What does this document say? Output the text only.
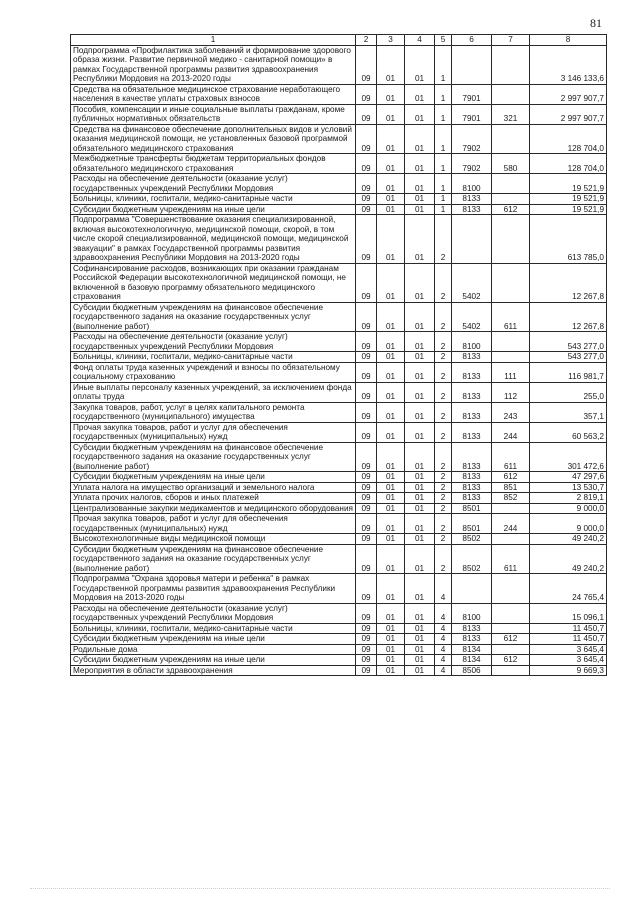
81
1	2	3	4	5	6	7	8
Подпрограмма «Профилактика заболеваний и формирование здорового образа жизни. Развитие первичной медико - санитарной помощи» в рамках Государственной программы развития здравоохранения Республики Мордовия на 2013-2020 годы	09	01	01	1			3 146 133,6
Средства на обязательное медицинское страхование неработающего населения в качестве уплаты страховых взносов	09	01	01	1	7901		2 997 907,7
Пособия, компенсации и иные социальные выплаты гражданам, кроме публичных нормативных обязательств	09	01	01	1	7901	321	2 997 907,7
Средства на финансовое обеспечение дополнительных видов и условий оказания медицинской помощи, не установленных базовой программой обязательного медицинского страхования	09	01	01	1	7902		128 704,0
Межбюджетные трансферты бюджетам территориальных фондов обязательного медицинского страхования	09	01	01	1	7902	580	128 704,0
Расходы на обеспечение деятельности (оказание услуг) государственных учреждений Республики Мордовия	09	01	01	1	8100		19 521,9
Больницы, клиники, госпитали, медико-санитарные части	09	01	01	1	8133		19 521,9
Субсидии бюджетным учреждениям на иные цели	09	01	01	1	8133	612	19 521,9
Подпрограмма "Совершенствование оказания специализированной, включая высокотехнологичную, медицинской помощи, скорой, в том числе скорой специализированной, медицинской помощи, медицинской эвакуации" в рамках Государственной программы развития здравоохранения Республики Мордовия на 2013-2020 годы	09	01	01	2			613 785,0
Софинансирование расходов, возникающих при оказании гражданам Российской Федерации высокотехнологичной медицинской помощи, не включенной в базовую программу обязательного медицинского страхования	09	01	01	2	5402		12 267,8
Субсидии бюджетным учреждениям на финансовое обеспечение государственного задания на оказание государственных услуг (выполнение работ)	09	01	01	2	5402	611	12 267,8
Расходы на обеспечение деятельности (оказание услуг) государственных учреждений Республики Мордовия	09	01	01	2	8100		543 277,0
Больницы, клиники, госпитали, медико-санитарные части	09	01	01	2	8133		543 277,0
Фонд оплаты труда казенных учреждений и взносы по обязательному социальному страхованию	09	01	01	2	8133	111	116 981,7
Иные выплаты персоналу казенных учреждений, за исключением фонда оплаты труда	09	01	01	2	8133	112	255,0
Закупка товаров, работ, услуг в целях капитального ремонта государственного (муниципального) имущества	09	01	01	2	8133	243	357,1
Прочая закупка товаров, работ и услуг для обеспечения государственных (муниципальных) нужд	09	01	01	2	8133	244	60 563,2
Субсидии бюджетным учреждениям на финансовое обеспечение государственного задания на оказание государственных услуг (выполнение работ)	09	01	01	2	8133	611	301 472,6
Субсидии бюджетным учреждениям на иные цели	09	01	01	2	8133	612	47 297,6
Уплата налога на имущество организаций и земельного налога	09	01	01	2	8133	851	13 530,7
Уплата прочих налогов, сборов и иных платежей	09	01	01	2	8133	852	2 819,1
Централизованные закупки медикаментов и медицинского оборудования	09	01	01	2	8501		9 000,0
Прочая закупка товаров, работ и услуг для обеспечения государственных (муниципальных) нужд	09	01	01	2	8501	244	9 000,0
Высокотехнологичные виды медицинской помощи	09	01	01	2	8502		49 240,2
Субсидии бюджетным учреждениям на финансовое обеспечение государственного задания на оказание государственных услуг (выполнение работ)	09	01	01	2	8502	611	49 240,2
Подпрограмма "Охрана здоровья матери и ребенка" в рамках Государственной программы развития здравоохранения Республики Мордовия на 2013-2020 годы	09	01	01	4			24 765,4
Расходы на обеспечение деятельности (оказание услуг) государственных учреждений Республики Мордовия	09	01	01	4	8100		15 096,1
Больницы, клиники, госпитали, медико-санитарные части	09	01	01	4	8133		11 450,7
Субсидии бюджетным учреждениям на иные цели	09	01	01	4	8133	612	11 450,7
Родильные дома	09	01	01	4	8134		3 645,4
Субсидии бюджетным учреждениям на иные цели	09	01	01	4	8134	612	3 645,4
Мероприятия в области здравоохранения	09	01	01	4	8506		9 669,3
